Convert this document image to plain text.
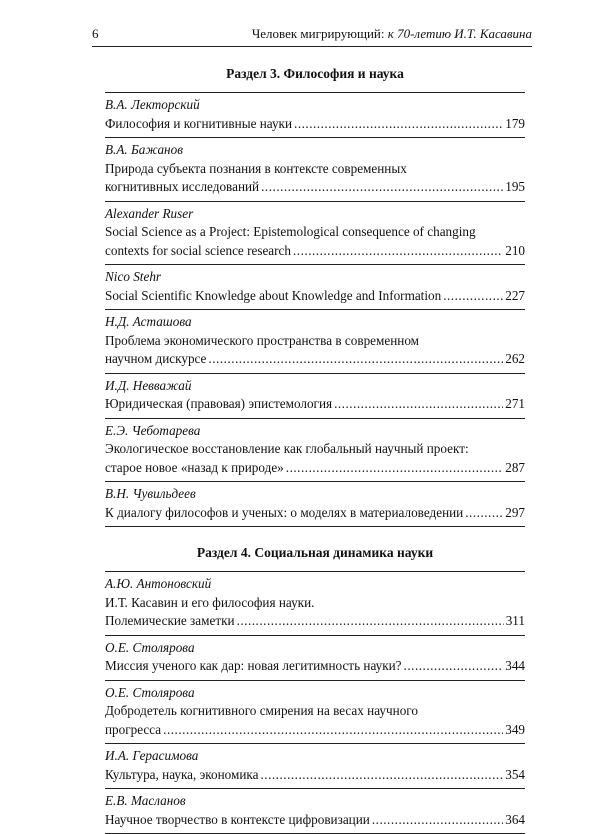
6	Человек мигрирующий: к 70-летию И.Т. Касавина
Раздел 3. Философия и наука
В.А. Лекторский
Философия и когнитивные науки .....	179
В.А. Бажанов
Природа субъекта познания в контексте современных
когнитивных исследований .....	195
Alexander Ruser
Social Science as a Project: Epistemological consequence of changing
contexts for social science research .....	210
Nico Stehr
Social Scientific Knowledge about Knowledge and Information .....	227
Н.Д. Асташова
Проблема экономического пространства в современном
научном дискурсе .....	262
И.Д. Невважай
Юридическая (правовая) эпистемология .....	271
Е.Э. Чеботарева
Экологическое восстановление как глобальный научный проект:
старое новое «назад к природе» .....	287
В.Н. Чувильдеев
К диалогу философов и ученых: о моделях в материаловедении .....	297
Раздел 4. Социальная динамика науки
А.Ю. Антоновский
И.Т. Касавин и его философия науки.
Полемические заметки .....	311
О.Е. Столярова
Миссия ученого как дар: новая легитимность науки? .....	344
О.Е. Столярова
Добродетель когнитивного смирения на весах научного
прогресса .....	349
И.А. Герасимова
Культура, наука, экономика .....	354
Е.В. Масланов
Научное творчество в контексте цифровизации .....	364
